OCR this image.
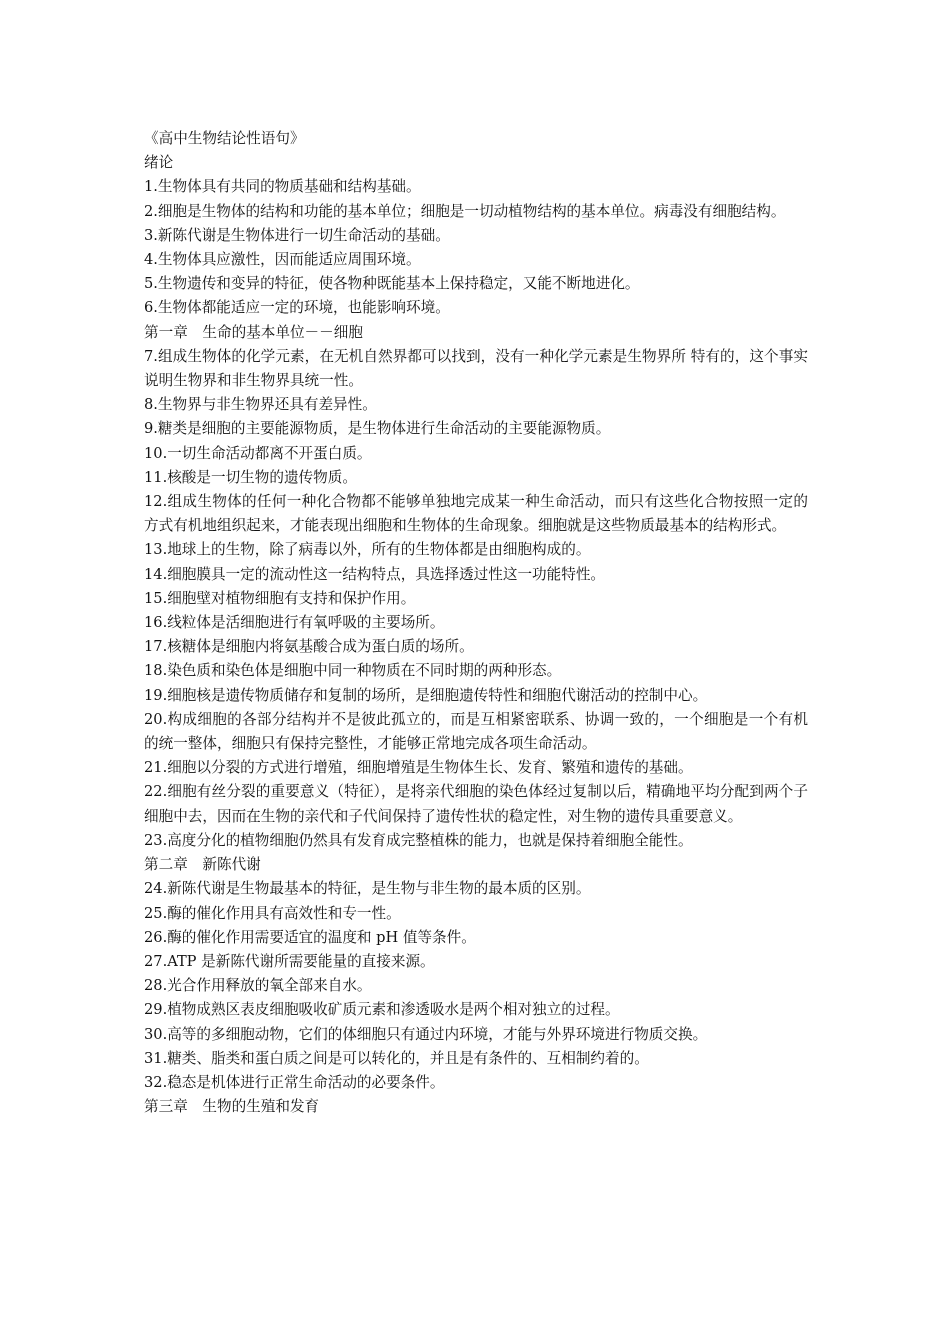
《高中生物结论性语句》
绪论
1.生物体具有共同的物质基础和结构基础。
2.细胞是生物体的结构和功能的基本单位；细胞是一切动植物结构的基本单位。病毒没有细胞结构。
3.新陈代谢是生物体进行一切生命活动的基础。
4.生物体具应激性，因而能适应周围环境。
5.生物遗传和变异的特征，使各物种既能基本上保持稳定，又能不断地进化。
6.生物体都能适应一定的环境，也能影响环境。
第一章　生命的基本单位－－细胞
7.组成生物体的化学元素，在无机自然界都可以找到，没有一种化学元素是生物界所 特有的，这个事实说明生物界和非生物界具统一性。
8.生物界与非生物界还具有差异性。
9.糖类是细胞的主要能源物质，是生物体进行生命活动的主要能源物质。
10.一切生命活动都离不开蛋白质。
11.核酸是一切生物的遗传物质。
12.组成生物体的任何一种化合物都不能够单独地完成某一种生命活动，而只有这些化合物按照一定的方式有机地组织起来，才能表现出细胞和生物体的生命现象。细胞就是这些物质最基本的结构形式。
13.地球上的生物，除了病毒以外，所有的生物体都是由细胞构成的。
14.细胞膜具一定的流动性这一结构特点，具选择透过性这一功能特性。
15.细胞壁对植物细胞有支持和保护作用。
16.线粒体是活细胞进行有氧呼吸的主要场所。
17.核糖体是细胞内将氨基酸合成为蛋白质的场所。
18.染色质和染色体是细胞中同一种物质在不同时期的两种形态。
19.细胞核是遗传物质储存和复制的场所，是细胞遗传特性和细胞代谢活动的控制中心。
20.构成细胞的各部分结构并不是彼此孤立的，而是互相紧密联系、协调一致的，一个细胞是一个有机的统一整体，细胞只有保持完整性，才能够正常地完成各项生命活动。
21.细胞以分裂的方式进行增殖，细胞增殖是生物体生长、发育、繁殖和遗传的基础。
22.细胞有丝分裂的重要意义（特征），是将亲代细胞的染色体经过复制以后，精确地平均分配到两个子细胞中去，因而在生物的亲代和子代间保持了遗传性状的稳定性，对生物的遗传具重要意义。
23.高度分化的植物细胞仍然具有发育成完整植株的能力，也就是保持着细胞全能性。
第二章　新陈代谢
24.新陈代谢是生物最基本的特征，是生物与非生物的最本质的区别。
25.酶的催化作用具有高效性和专一性。
26.酶的催化作用需要适宜的温度和 pH 值等条件。
27.ATP 是新陈代谢所需要能量的直接来源。
28.光合作用释放的氧全部来自水。
29.植物成熟区表皮细胞吸收矿质元素和渗透吸水是两个相对独立的过程。
30.高等的多细胞动物，它们的体细胞只有通过内环境，才能与外界环境进行物质交换。
31.糖类、脂类和蛋白质之间是可以转化的，并且是有条件的、互相制约着的。
32.稳态是机体进行正常生命活动的必要条件。
第三章　生物的生殖和发育
